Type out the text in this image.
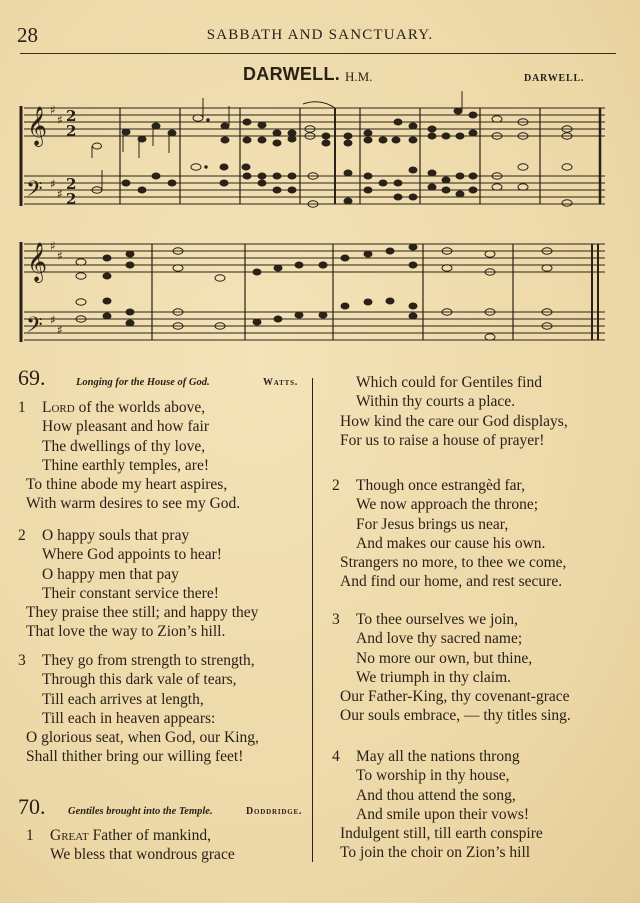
28	SABBATH AND SANCTUARY.
DARWELL. H.M.	DARWELL.
𝄞
𝄢
𝄞
𝄢
♯
♯
♯
♯
♯
♯
♯
♯
2
2
2
2
69.	Longing for the House of God.	Watts.
1 Lord of the worlds above,
How pleasant and how fair
The dwellings of thy love,
Thine earthly temples, are!
To thine abode my heart aspires,
With warm desires to see my God.
2 O happy souls that pray
Where God appoints to hear!
O happy men that pay
Their constant service there!
They praise thee still; and happy they
That love the way to Zion’s hill.
3 They go from strength to strength,
Through this dark vale of tears,
Till each arrives at length,
Till each in heaven appears:
O glorious seat, when God, our King,
Shall thither bring our willing feet!
70. Gentiles brought into the Temple.	Doddridge.
1 Great Father of mankind,
We bless that wondrous grace
Which could for Gentiles find
Within thy courts a place.
How kind the care our God displays,
For us to raise a house of prayer!
2 Though once estrangèd far,
We now approach the throne;
For Jesus brings us near,
And makes our cause his own.
Strangers no more, to thee we come,
And find our home, and rest secure.
3 To thee ourselves we join,
And love thy sacred name;
No more our own, but thine,
We triumph in thy claim.
Our Father-King, thy covenant-grace
Our souls embrace, — thy titles sing.
4 May all the nations throng
To worship in thy house,
And thou attend the song,
And smile upon their vows!
Indulgent still, till earth conspire
To join the choir on Zion’s hill
